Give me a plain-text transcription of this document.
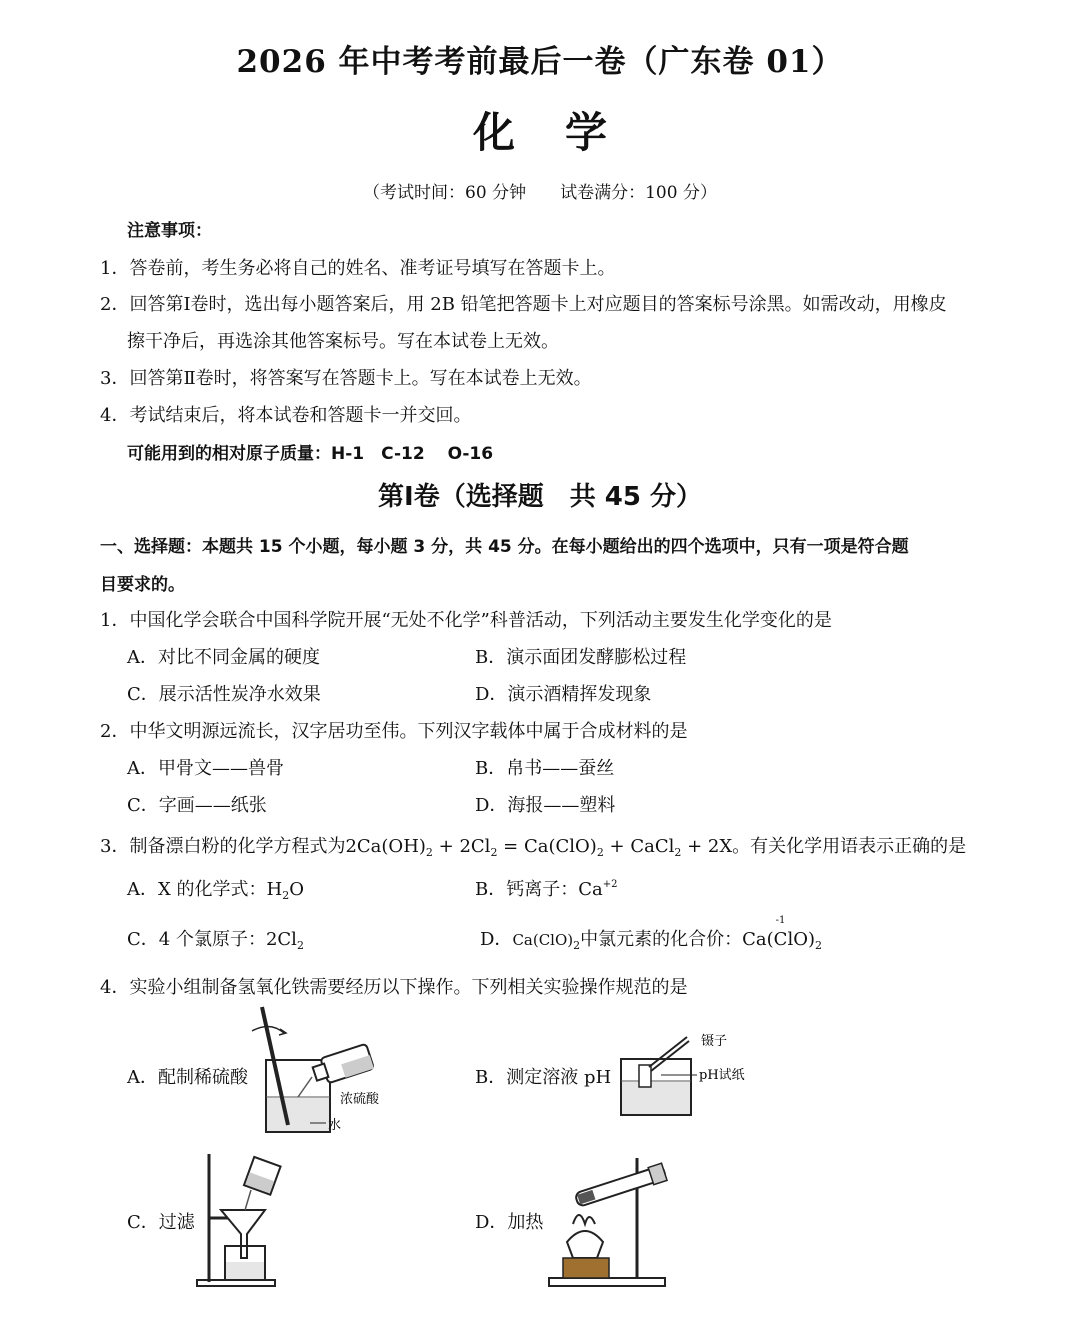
2026 年中考考前最后一卷（广东卷 01）
化学
（考试时间：60 分钟 试卷满分：100 分）
注意事项：
1．答卷前，考生务必将自己的姓名、准考证号填写在答题卡上。
2．回答第Ⅰ卷时，选出每小题答案后，用 2B 铅笔把答题卡上对应题目的答案标号涂黑。如需改动，用橡皮
擦干净后，再选涂其他答案标号。写在本试卷上无效。
3．回答第Ⅱ卷时，将答案写在答题卡上。写在本试卷上无效。
4．考试结束后，将本试卷和答题卡一并交回。
可能用到的相对原子质量：H-1　C-12　 O-16
第Ⅰ卷（选择题　共 45 分）
一、选择题：本题共 15 个小题，每小题 3 分，共 45 分。在每小题给出的四个选项中，只有一项是符合题
目要求的。
1．中国化学会联合中国科学院开展“无处不化学”科普活动，下列活动主要发生化学变化的是
A．对比不同金属的硬度	B．演示面团发酵膨松过程
C．展示活性炭净水效果	D．演示酒精挥发现象
2．中华文明源远流长，汉字居功至伟。下列汉字载体中属于合成材料的是
A．甲骨文——兽骨	B．帛书——蚕丝
C．字画——纸张	D．海报——塑料
3．制备漂白粉的化学方程式为$2Ca(OH)_2 + 2Cl_2 = Ca(ClO)_2$ + CaCl$_2$ + 2X。有关化学用语表示正确的是
A．X 的化学式：$H_2O$	B．钙离子：$Ca^{+2}$
C．4 个氯原子：$2Cl_2$	D．$Ca(ClO)_2$中氯元素的化合价：Ca(C
-1
$lO)_2$
4．实验小组制备氢氧化铁需要经历以下操作。下列相关实验操作规范的是
A．配制稀硫酸	B．测定溶液 pH
C．过滤	D．加热
浓硫酸
水
镊子
pH试纸
